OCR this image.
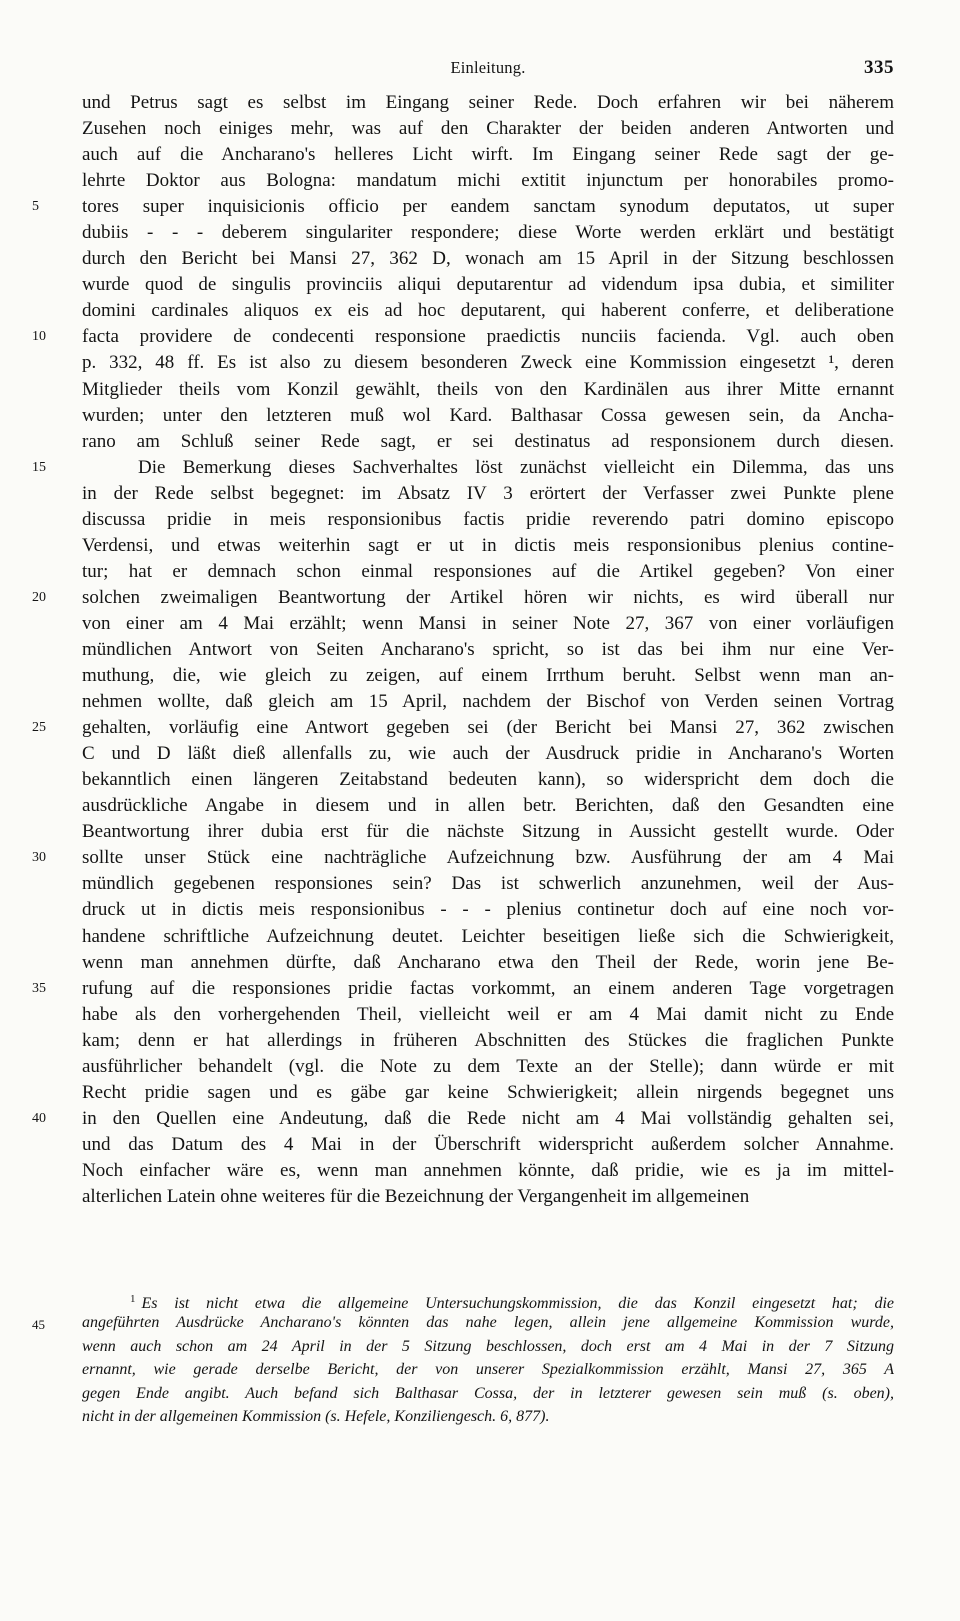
Einleitung.	335
und Petrus sagt es selbst im Eingang seiner Rede. Doch erfahren wir bei näherem
Zusehen noch einiges mehr, was auf den Charakter der beiden anderen Antworten und
auch auf die Ancharano's helleres Licht wirft. Im Eingang seiner Rede sagt der ge-
lehrte Doktor aus Bologna: mandatum michi extitit injunctum per honorabiles promo-
5	tores super inquisicionis officio per eandem sanctam synodum deputatos, ut super
dubiis - - - deberem singulariter respondere; diese Worte werden erklärt und bestätigt
durch den Bericht bei Mansi 27, 362 D, wonach am 15 April in der Sitzung beschlossen
wurde quod de singulis provinciis aliqui deputarentur ad videndum ipsa dubia, et similiter
domini cardinales aliquos ex eis ad hoc deputarent, qui haberent conferre, et deliberatione
10	facta providere de condecenti responsione praedictis nunciis facienda. Vgl. auch oben
p. 332, 48 ff. Es ist also zu diesem besonderen Zweck eine Kommission eingesetzt ¹, deren
Mitglieder theils vom Konzil gewählt, theils von den Kardinälen aus ihrer Mitte ernannt
wurden; unter den letzteren muß wol Kard. Balthasar Cossa gewesen sein, da Ancha-
rano am Schluß seiner Rede sagt, er sei destinatus ad responsionem durch diesen.
15	Die Bemerkung dieses Sachverhaltes löst zunächst vielleicht ein Dilemma, das uns
in der Rede selbst begegnet: im Absatz IV 3 erörtert der Verfasser zwei Punkte plene
discussa pridie in meis responsionibus factis pridie reverendo patri domino episcopo
Verdensi, und etwas weiterhin sagt er ut in dictis meis responsionibus plenius contine-
tur; hat er demnach schon einmal responsiones auf die Artikel gegeben? Von einer
20	solchen zweimaligen Beantwortung der Artikel hören wir nichts, es wird überall nur
von einer am 4 Mai erzählt; wenn Mansi in seiner Note 27, 367 von einer vorläufigen
mündlichen Antwort von Seiten Ancharano's spricht, so ist das bei ihm nur eine Ver-
muthung, die, wie gleich zu zeigen, auf einem Irrthum beruht. Selbst wenn man an-
nehmen wollte, daß gleich am 15 April, nachdem der Bischof von Verden seinen Vortrag
25	gehalten, vorläufig eine Antwort gegeben sei (der Bericht bei Mansi 27, 362 zwischen
C und D läßt dieß allenfalls zu, wie auch der Ausdruck pridie in Ancharano's Worten
bekanntlich einen längeren Zeitabstand bedeuten kann), so widerspricht dem doch die
ausdrückliche Angabe in diesem und in allen betr. Berichten, daß den Gesandten eine
Beantwortung ihrer dubia erst für die nächste Sitzung in Aussicht gestellt wurde. Oder
30	sollte unser Stück eine nachträgliche Aufzeichnung bzw. Ausführung der am 4 Mai
mündlich gegebenen responsiones sein? Das ist schwerlich anzunehmen, weil der Aus-
druck ut in dictis meis responsionibus - - - plenius continetur doch auf eine noch vor-
handene schriftliche Aufzeichnung deutet. Leichter beseitigen ließe sich die Schwierigkeit,
wenn man annehmen dürfte, daß Ancharano etwa den Theil der Rede, worin jene Be-
35	rufung auf die responsiones pridie factas vorkommt, an einem anderen Tage vorgetragen
habe als den vorhergehenden Theil, vielleicht weil er am 4 Mai damit nicht zu Ende
kam; denn er hat allerdings in früheren Abschnitten des Stückes die fraglichen Punkte
ausführlicher behandelt (vgl. die Note zu dem Texte an der Stelle); dann würde er mit
Recht pridie sagen und es gäbe gar keine Schwierigkeit; allein nirgends begegnet uns
40	in den Quellen eine Andeutung, daß die Rede nicht am 4 Mai vollständig gehalten sei,
und das Datum des 4 Mai in der Überschrift widerspricht außerdem solcher Annahme.
Noch einfacher wäre es, wenn man annehmen könnte, daß pridie, wie es ja im mittel-
alterlichen Latein ohne weiteres für die Bezeichnung der Vergangenheit im allgemeinen
$^1$ Es ist nicht etwa die allgemeine Untersuchungskommission, die das Konzil eingesetzt hat; die
45	angeführten Ausdrücke Ancharano's könnten das nahe legen, allein jene allgemeine Kommission wurde,
wenn auch schon am 24 April in der 5 Sitzung beschlossen, doch erst am 4 Mai in der 7 Sitzung
ernannt, wie gerade derselbe Bericht, der von unserer Spezialkommission erzählt, Mansi 27, 365 A
gegen Ende angibt. Auch befand sich Balthasar Cossa, der in letzterer gewesen sein muß (s. oben),
nicht in der allgemeinen Kommission (s. Hefele, Konziliengesch. 6, 877).
